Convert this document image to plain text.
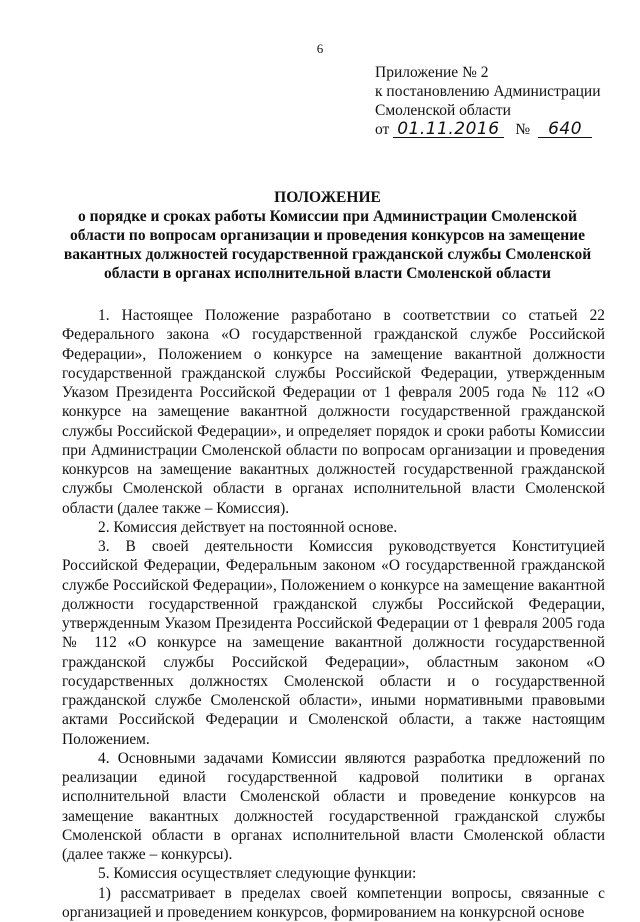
6
Приложение № 2
к постановлению Администрации
Смоленской области
от 01.11.2016 № 640
ПОЛОЖЕНИЕ
о порядке и сроках работы Комиссии при Администрации Смоленской области по вопросам организации и проведения конкурсов на замещение вакантных должностей государственной гражданской службы Смоленской области в органах исполнительной власти Смоленской области

1. Настоящее Положение разработано в соответствии со статьей 22 Федерального закона «О государственной гражданской службе Российской Федерации», Положением о конкурсе на замещение вакантной должности государственной гражданской службы Российской Федерации, утвержденным Указом Президента Российской Федерации от 1 февраля 2005 года № 112 «О конкурсе на замещение вакантной должности государственной гражданской службы Российской Федерации», и определяет порядок и сроки работы Комиссии при Администрации Смоленской области по вопросам организации и проведения конкурсов на замещение вакантных должностей государственной гражданской службы Смоленской области в органах исполнительной власти Смоленской области (далее также – Комиссия).

2. Комиссия действует на постоянной основе.

3. В своей деятельности Комиссия руководствуется Конституцией Российской Федерации, Федеральным законом «О государственной гражданской службе Российской Федерации», Положением о конкурсе на замещение вакантной должности государственной гражданской службы Российской Федерации, утвержденным Указом Президента Российской Федерации от 1 февраля 2005 года № 112 «О конкурсе на замещение вакантной должности государственной гражданской службы Российской Федерации», областным законом «О государственных должностях Смоленской области и о государственной гражданской службе Смоленской области», иными нормативными правовыми актами Российской Федерации и Смоленской области, а также настоящим Положением.

4. Основными задачами Комиссии являются разработка предложений по реализации единой государственной кадровой политики в органах исполнительной власти Смоленской области и проведение конкурсов на замещение вакантных должностей государственной гражданской службы Смоленской области в органах исполнительной власти Смоленской области (далее также – конкурсы).

5. Комиссия осуществляет следующие функции:

1) рассматривает в пределах своей компетенции вопросы, связанные с организацией и проведением конкурсов, формированием на конкурсной основе
